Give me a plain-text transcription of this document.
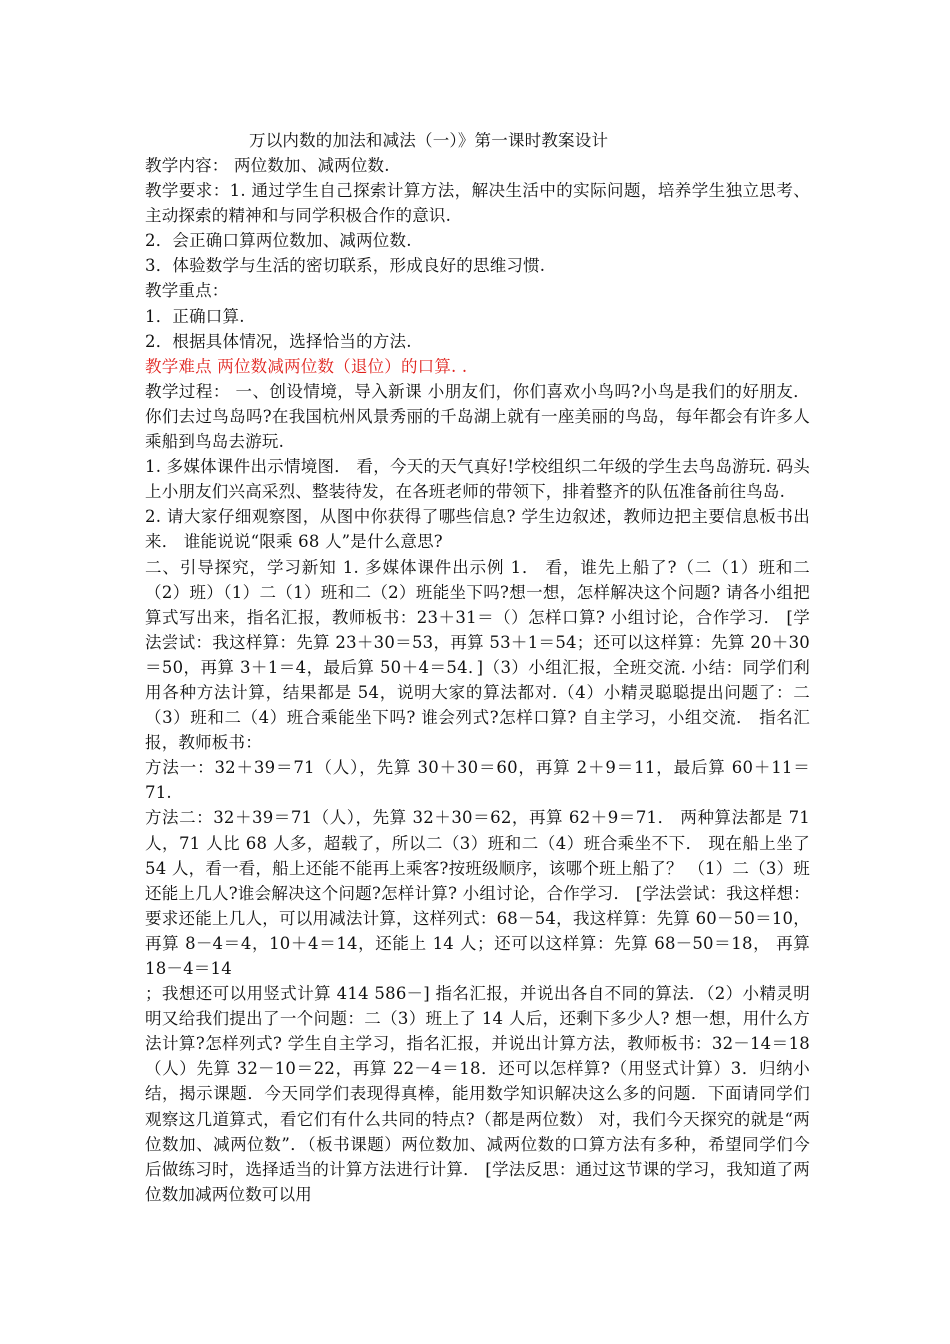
万以内数的加法和减法（一）》第一课时教案设计

教学内容： 两位数加、减两位数.

教学要求：1. 通过学生自己探索计算方法，解决生活中的实际问题，培养学生独立思考、主动探索的精神和与同学积极合作的意识.

2．会正确口算两位数加、减两位数.

3．体验数学与生活的密切联系，形成良好的思维习惯.

教学重点：

1．正确口算.

2．根据具体情况，选择恰当的方法.

教学难点 两位数减两位数（退位）的口算. .

教学过程： 一、创设情境，导入新课 小朋友们，你们喜欢小鸟吗?小鸟是我们的好朋友．你们去过鸟岛吗?在我国杭州风景秀丽的千岛湖上就有一座美丽的鸟岛，每年都会有许多人乘船到鸟岛去游玩.

1. 多媒体课件出示情境图． 看，今天的天气真好!学校组织二年级的学生去鸟岛游玩. 码头上小朋友们兴高采烈、整装待发，在各班老师的带领下，排着整齐的队伍准备前往鸟岛.

2. 请大家仔细观察图，从图中你获得了哪些信息? 学生边叙述，教师边把主要信息板书出来． 谁能说说“限乘 68 人”是什么意思?

二、引导探究，学习新知 1. 多媒体课件出示例 1． 看，谁先上船了?（二（1）班和二（2）班）（1）二（1）班和二（2）班能坐下吗?想一想，怎样解决这个问题? 请各小组把算式写出来，指名汇报，教师板书：23＋31＝（）怎样口算? 小组讨论，合作学习． [学法尝试：我这样算：先算 23＋30＝53，再算 53＋1＝54；还可以这样算：先算 20＋30＝50，再算 3＋1＝4，最后算 50＋4＝54．]（3）小组汇报，全班交流. 小结：同学们利用各种方法计算，结果都是 54，说明大家的算法都对.（4）小精灵聪聪提出问题了：二（3）班和二（4）班合乘能坐下吗? 谁会列式?怎样口算? 自主学习，小组交流． 指名汇报，教师板书：

方法一：32＋39＝71（人），先算 30＋30＝60，再算 2＋9＝11，最后算 60＋11＝71.

方法二：32＋39＝71（人），先算 32＋30＝62，再算 62＋9＝71． 两种算法都是 71 人，71 人比 68 人多，超载了，所以二（3）班和二（4）班合乘坐不下． 现在船上坐了 54 人，看一看，船上还能不能再上乘客?按班级顺序，该哪个班上船了？ （1）二（3）班还能上几人?谁会解决这个问题?怎样计算? 小组讨论，合作学习． [学法尝试：我这样想：要求还能上几人，可以用减法计算，这样列式：68－54，我这样算：先算 60－50＝10，再算 8－4＝4，10＋4＝14，还能上 14 人；还可以这样算：先算 68－50＝18， 再算 18－4＝14

；我想还可以用竖式计算 414 586－] 指名汇报，并说出各自不同的算法．（2）小精灵明明又给我们提出了一个问题：二（3）班上了 14 人后，还剩下多少人? 想一想，用什么方法计算?怎样列式? 学生自主学习，指名汇报，并说出计算方法，教师板书：32－14＝18（人）先算 32－10＝22，再算 22－4＝18．还可以怎样算?（用竖式计算）3．归纳小结，揭示课题．今天同学们表现得真棒，能用数学知识解决这么多的问题．下面请同学们观察这几道算式，看它们有什么共同的特点?（都是两位数） 对，我们今天探究的就是“两位数加、减两位数”．（板书课题）两位数加、减两位数的口算方法有多种，希望同学们今后做练习时，选择适当的计算方法进行计算． [学法反思：通过这节课的学习，我知道了两位数加减两位数可以用
